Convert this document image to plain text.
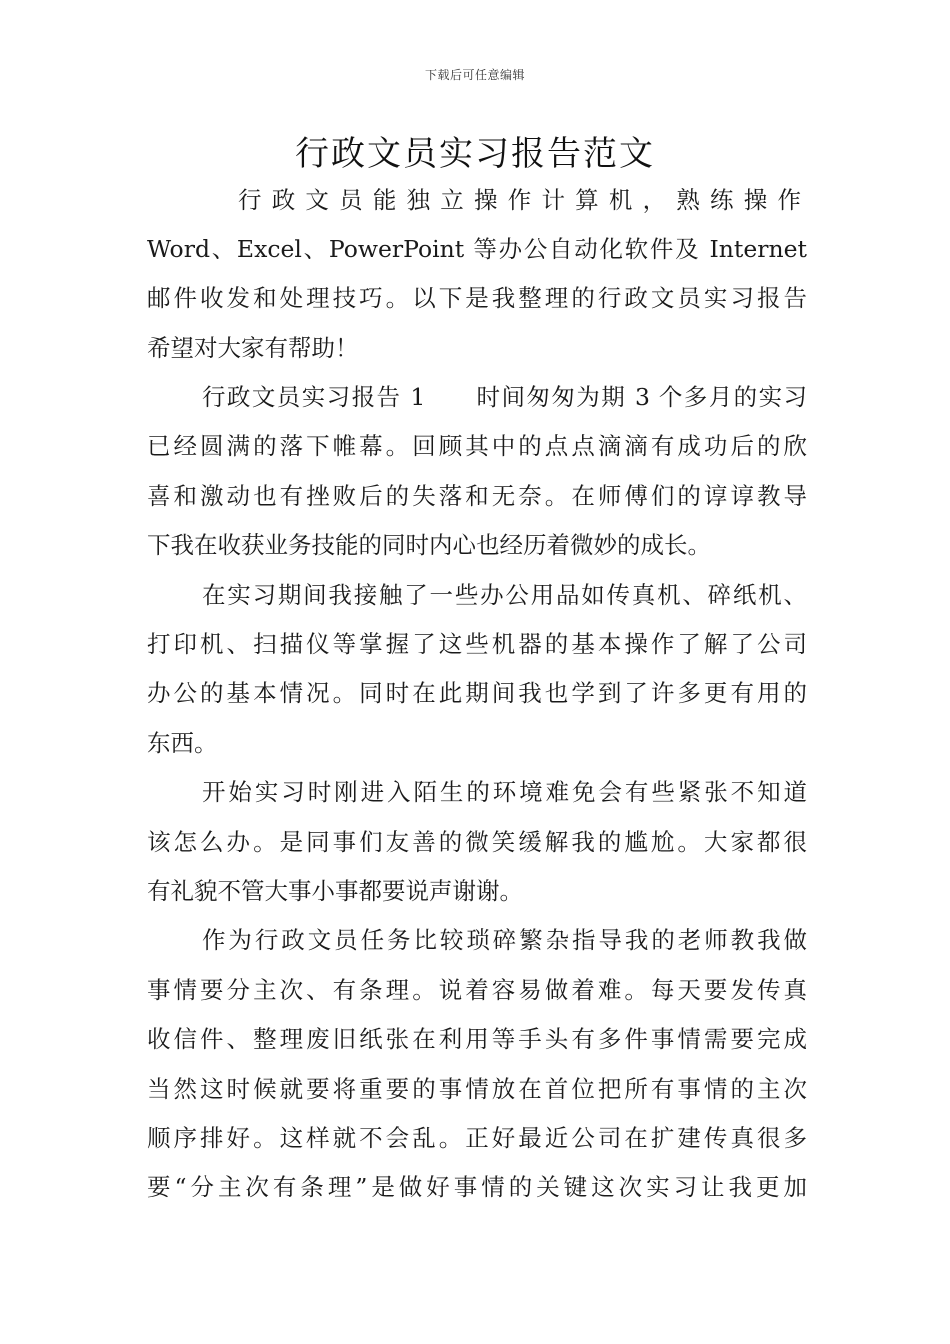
下载后可任意编辑
行政文员实习报告范文
行政文员能独立操作计算机，熟练操作
Word、Excel、PowerPoint 等办公自动化软件及 Internet
邮件收发和处理技巧。以下是我整理的行政文员实习报告
希望对大家有帮助！
行政文员实习报告 1　　时间匆匆为期 3 个多月的实习
已经圆满的落下帷幕。回顾其中的点点滴滴有成功后的欣
喜和激动也有挫败后的失落和无奈。在师傅们的谆谆教导
下我在收获业务技能的同时内心也经历着微妙的成长。
在实习期间我接触了一些办公用品如传真机、碎纸机、
打印机、扫描仪等掌握了这些机器的基本操作了解了公司
办公的基本情况。同时在此期间我也学到了许多更有用的
东西。
开始实习时刚进入陌生的环境难免会有些紧张不知道
该怎么办。是同事们友善的微笑缓解我的尴尬。大家都很
有礼貌不管大事小事都要说声谢谢。
作为行政文员任务比较琐碎繁杂指导我的老师教我做
事情要分主次、有条理。说着容易做着难。每天要发传真
收信件、整理废旧纸张在利用等手头有多件事情需要完成
当然这时候就要将重要的事情放在首位把所有事情的主次
顺序排好。这样就不会乱。正好最近公司在扩建传真很多
要“分主次有条理”是做好事情的关键这次实习让我更加
